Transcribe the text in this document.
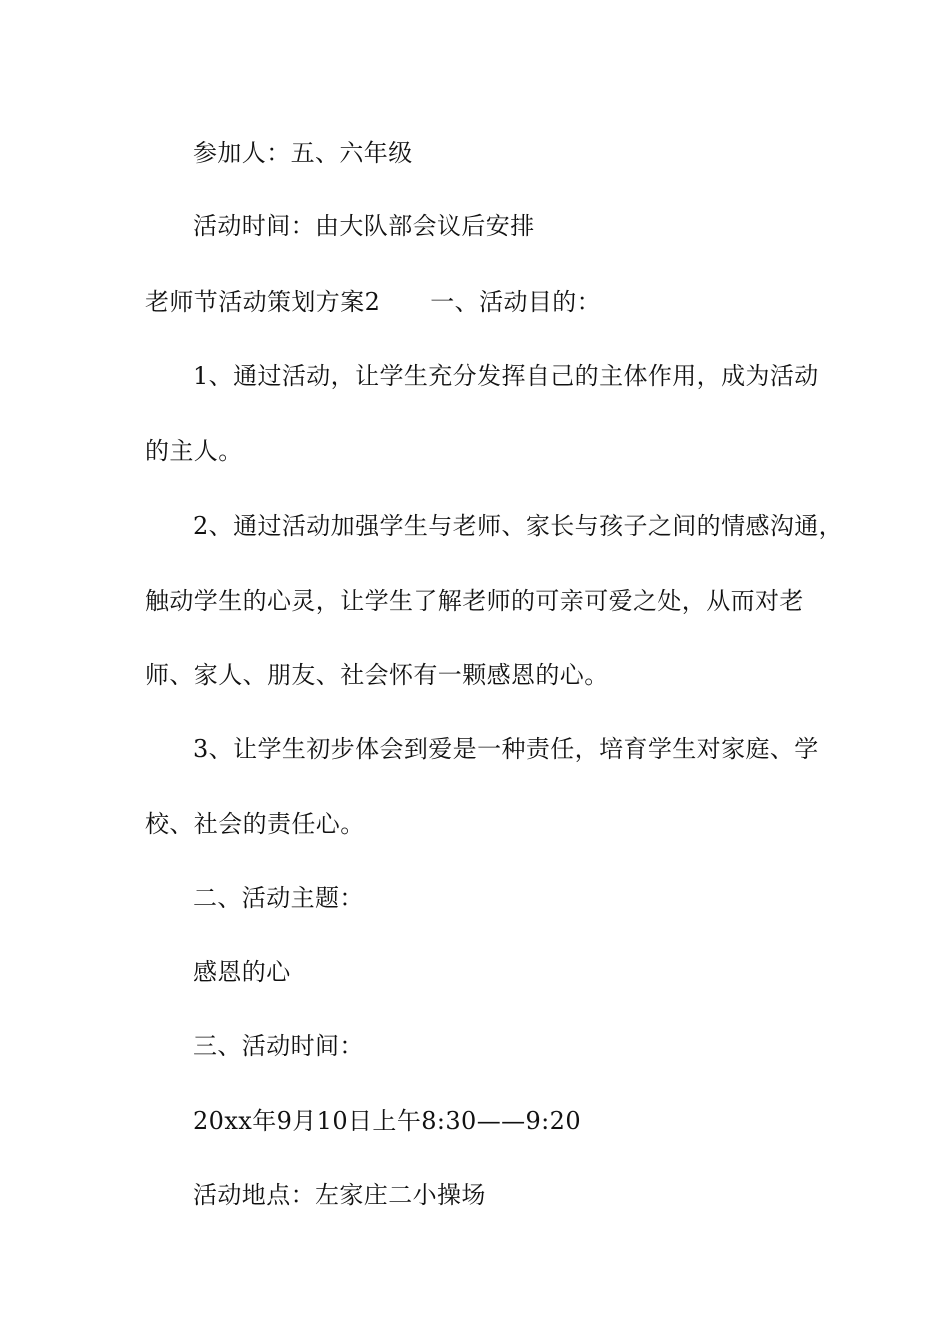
参加人：五、六年级
活动时间：由大队部会议后安排
老师节活动策划方案2 一、活动目的：
1、通过活动，让学生充分发挥自己的主体作用，成为活动
的主人。
2、通过活动加强学生与老师、家长与孩子之间的情感沟通，
触动学生的心灵，让学生了解老师的可亲可爱之处，从而对老
师、家人、朋友、社会怀有一颗感恩的心。
3、让学生初步体会到爱是一种责任，培育学生对家庭、学
校、社会的责任心。
二、活动主题：
感恩的心
三、活动时间：
20xx年9月10日上午8:30——9:20
活动地点：左家庄二小操场
